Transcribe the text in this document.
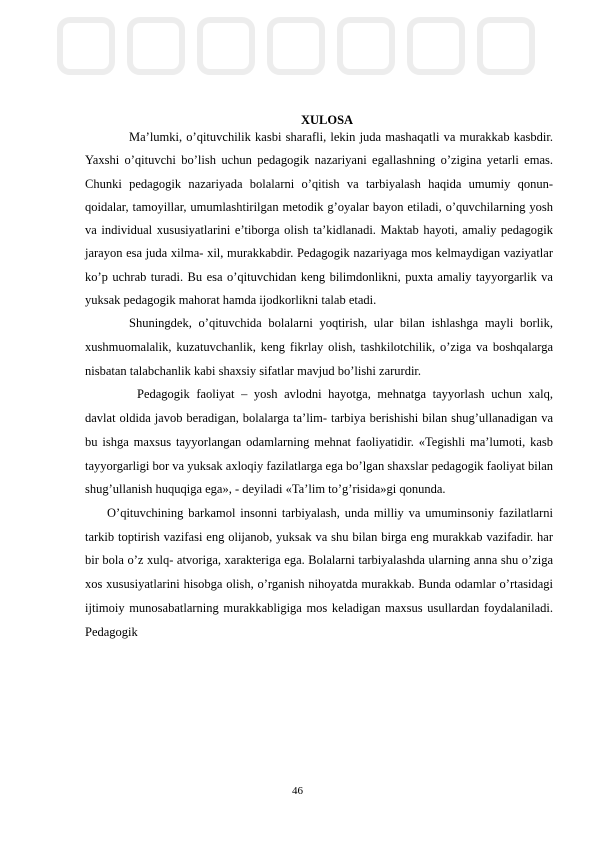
XULOSA

Ma’lumki, o’qituvchilik kasbi sharafli, lekin juda mashaqatli va murakkab kasbdir. Yaxshi o’qituvchi bo’lish uchun pedagogik nazariyani egallashning o’zigina yetarli emas. Chunki pedagogik nazariyada bolalarni o’qitish va tarbiyalash haqida umumiy qonun- qoidalar, tamoyillar, umumlashtirilgan metodik g’oyalar bayon etiladi, o’quvchilarning yosh va individual xususiyatlarini e’tiborga olish ta’kidlanadi. Maktab hayoti, amaliy pedagogik jarayon esa juda xilma- xil, murakkabdir. Pedagogik nazariyaga mos kelmaydigan vaziyatlar ko’p uchrab turadi. Bu esa o’qituvchidan keng bilimdonlikni, puxta amaliy tayyorgarlik va yuksak pedagogik mahorat hamda ijodkorlikni talab etadi.

Shuningdek, o’qituvchida bolalarni yoqtirish, ular bilan ishlashga mayli borlik, xushmuomalalik, kuzatuvchanlik, keng fikrlay olish, tashkilotchilik, o’ziga va boshqalarga nisbatan talabchanlik kabi shaxsiy sifatlar mavjud bo’lishi zarurdir.

Pedagogik faoliyat – yosh avlodni hayotga, mehnatga tayyorlash uchun xalq, davlat oldida javob beradigan, bolalarga ta’lim- tarbiya berishishi bilan shug’ullanadigan va bu ishga maxsus tayyorlangan odamlarning mehnat faoliyatidir. «Tegishli ma’lumoti, kasb tayyorgarligi bor va yuksak axloqiy fazilatlarga ega bo’lgan shaxslar pedagogik faoliyat bilan shug’ullanish huquqiga ega», - deyiladi «Ta’lim to’g’risida»gi qonunda.

O’qituvchining barkamol insonni tarbiyalash, unda milliy va umuminsoniy fazilatlarni tarkib toptirish vazifasi eng olijanob, yuksak va shu bilan birga eng murakkab vazifadir. har bir bola o’z xulq- atvoriga, xarakteriga ega. Bolalarni tarbiyalashda ularning anna shu o’ziga xos xususiyatlarini hisobga olish, o’rganish nihoyatda murakkab. Bunda odamlar o’rtasidagi ijtimoiy munosabatlarning murakkabligiga mos keladigan maxsus usullardan foydalaniladi. Pedagogik

46
